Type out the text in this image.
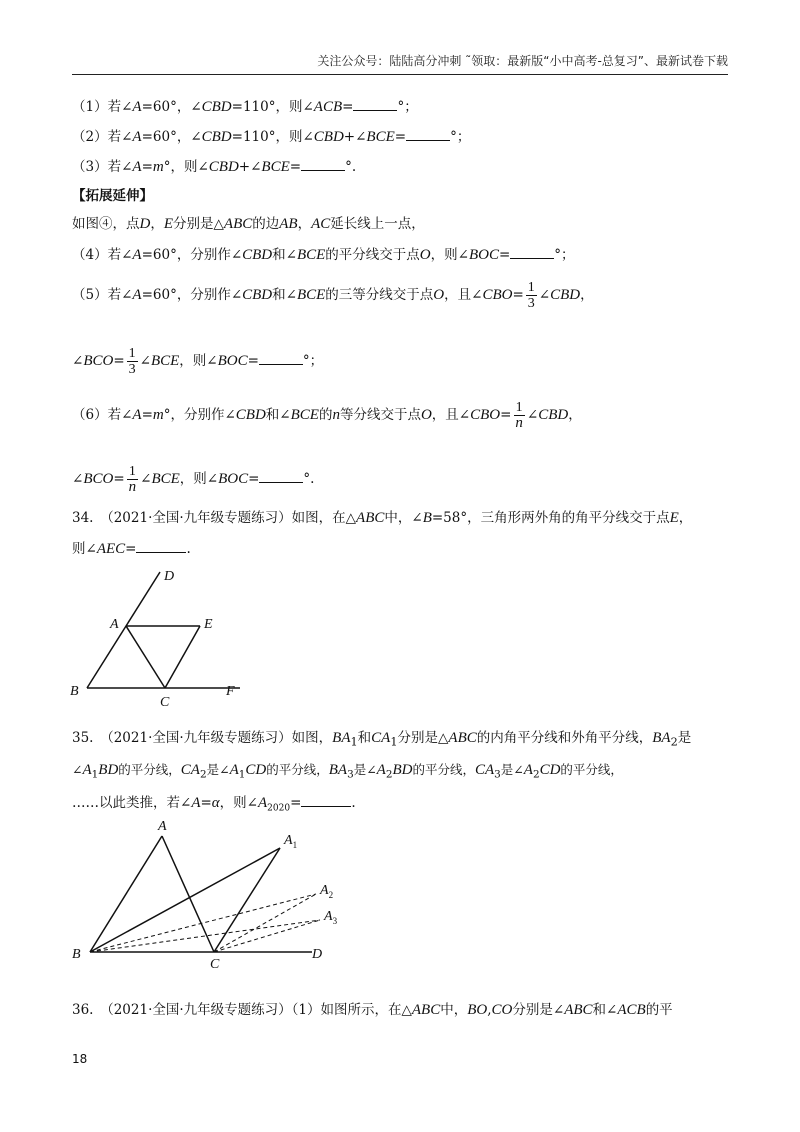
关注公众号：陆陆高分冲刺 ˜领取：最新版“小中高考-总复习”、最新试卷下载
（1）若∠A=60°，∠CBD=110°，则∠ACB=	°；
（2）若∠A=60°，∠CBD=110°，则∠CBD+∠BCE=	°；
（3）若∠A=m°，则∠CBD+∠BCE=	°.
【拓展延伸】
如图④，点D，E分别是△ABC的边AB，AC延长线上一点，
（4）若∠A=60°，分别作∠CBD和∠BCE的平分线交于点O，则∠BOC=	°；
（5）若∠A=60°，分别作∠CBD和∠BCE的三等分线交于点O，且∠CBO= $\frac{1}{3}$ ∠CBD，
∠BCO= $\frac{1}{3}$ ∠BCE，则∠BOC=	°；
（6）若∠A=m°，分别作∠CBD和∠BCE的n等分线交于点O，且∠CBO= $\frac{1}{n}$ ∠CBD，
∠BCO= $\frac{1}{n}$ ∠BCE，则∠BOC=	°.
34.　（2021·全国·九年级专题练习）如图，在△ABC中，∠B=58°，三角形两外角的角平分线交于点E，
则∠AEC=	.
D
A	E
B
C
F
35.　（2021·全国·九年级专题练习）如图，$BA_1$和$CA_1$分别是△ABC的内角平分线和外角平分线，$BA_2$是
$\angle A_1BD$的平分线，$CA_2$是$\angle A_1CD$的平分线，$BA_3$是$\angle A_2BD$的平分线，$CA_3$是$\angle A_2CD$的平分线，
……以此类推，若∠A=α，则$\angle A_{2020}=$	.
A
$A_1$
$A_2$
$A_3$
B
C
D
36.　（2021·全国·九年级专题练习）（1）如图所示，在△ABC中，BO,CO分别是∠ABC和∠ACB的平
18
